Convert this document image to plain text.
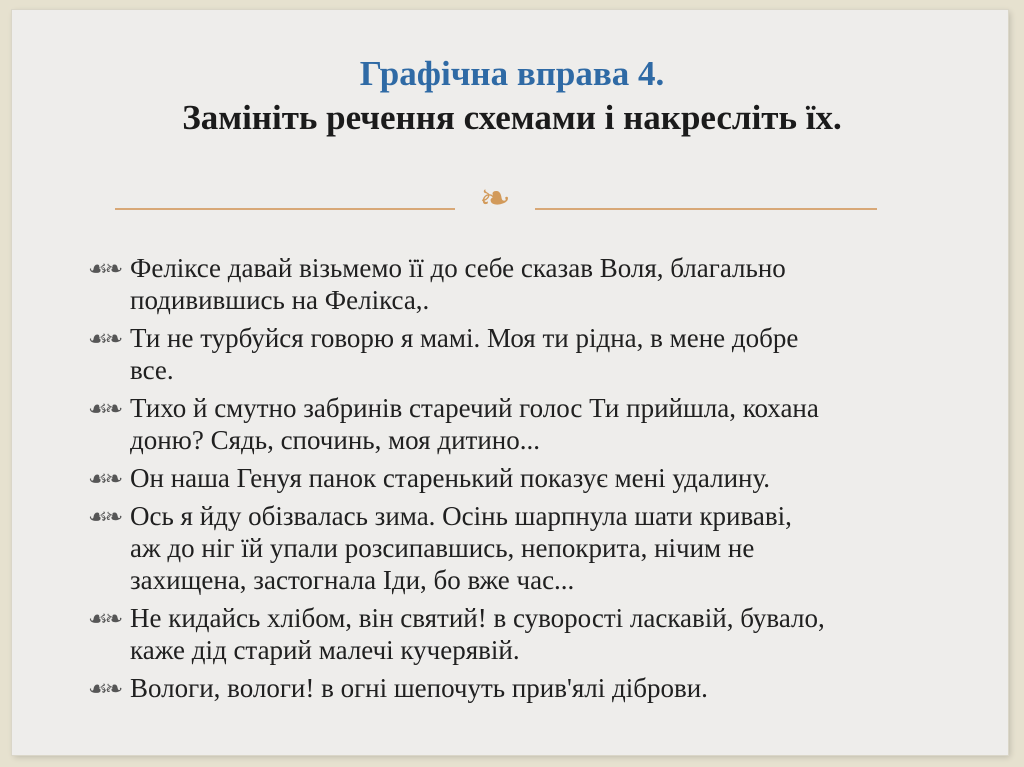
Графічна вправа 4.
Замініть речення схемами і накресліть їх.
❧
☙❧ Феліксе давай візьмемо її до себе сказав Воля, благально
подивившись на Фелікса,.
☙❧ Ти не турбуйся говорю я мамі. Моя ти рідна, в мене добре
все.
☙❧ Тихо й смутно забринів старечий голос Ти прийшла, кохана
доню? Сядь, спочинь, моя дитино...
☙❧ Он наша Генуя панок старенький показує мені удалину.
☙❧ Ось я йду обізвалась зима. Осінь шарпнула шати криваві,
аж до ніг їй упали розсипавшись, непокрита, нічим не
захищена, застогнала Іди, бо вже час...
☙❧ Не кидайсь хлібом, він святий! в суворості ласкавій, бувало,
каже дід старий малечі кучерявій.
☙❧ Вологи, вологи! в огні шепочуть прив'ялі діброви.
